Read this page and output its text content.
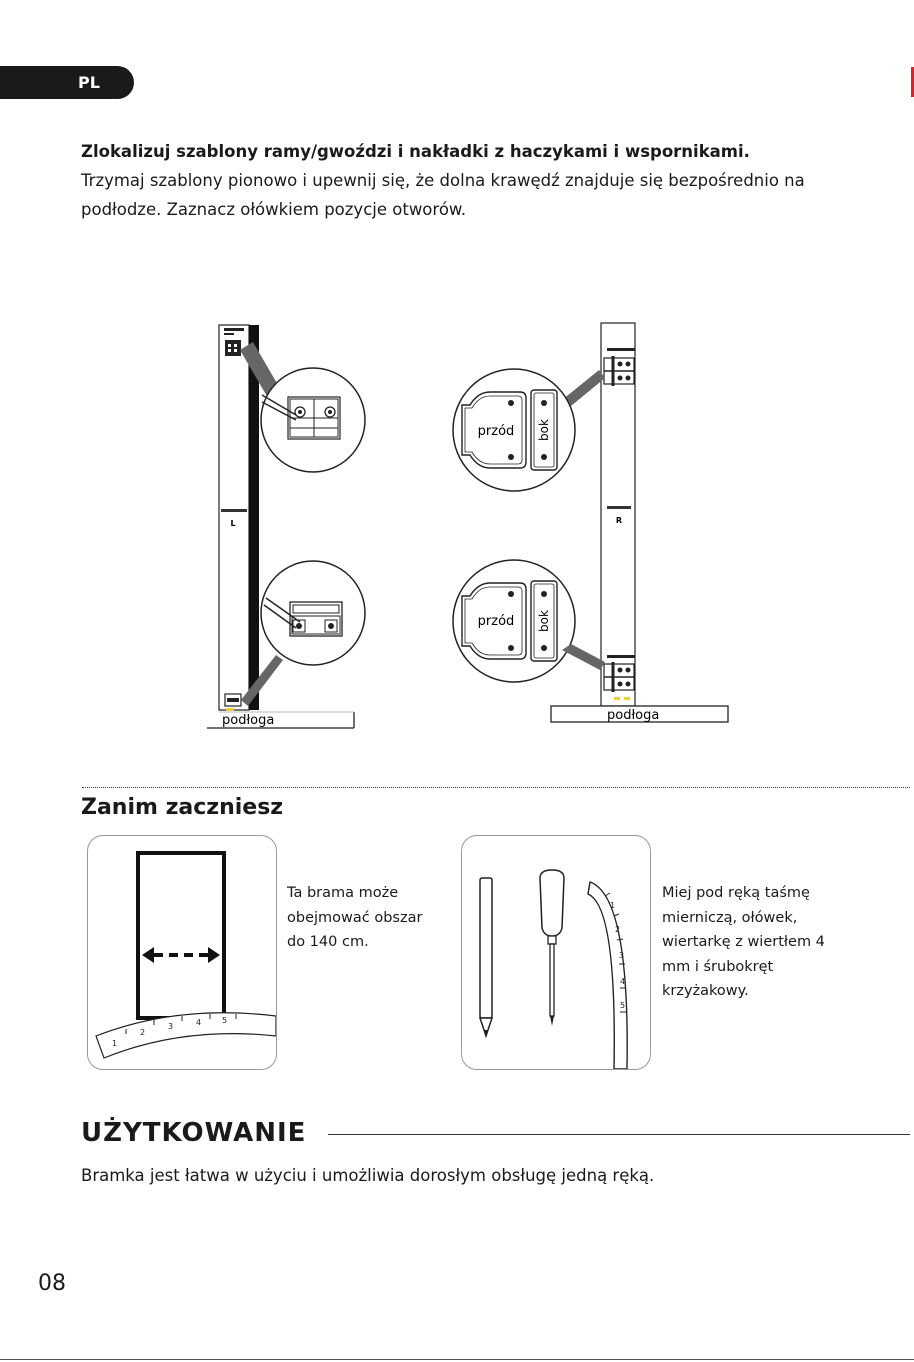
PL
Zlokalizuj szablony ramy/gwoździ i nakładki z haczykami i wspornikami.
Trzymaj szablony pionowo i upewnij się, że dolna krawędź znajduje się bezpośrednio na podłodze. Zaznacz ołówkiem pozycje otworów.
L
podłoga
R
przód bok
przód bok
podłoga
Zanim zaczniesz
1
2
3	4	5
Ta brama może obejmować obszar do 140 cm.
1
2
3
4
5
Miej pod ręką taśmę mierniczą, ołówek, wiertarkę z wiertłem 4 mm i śrubokręt krzyżakowy.
UŻYTKOWANIE
Bramka jest łatwa w użyciu i umożliwia dorosłym obsługę jedną ręką.
08
